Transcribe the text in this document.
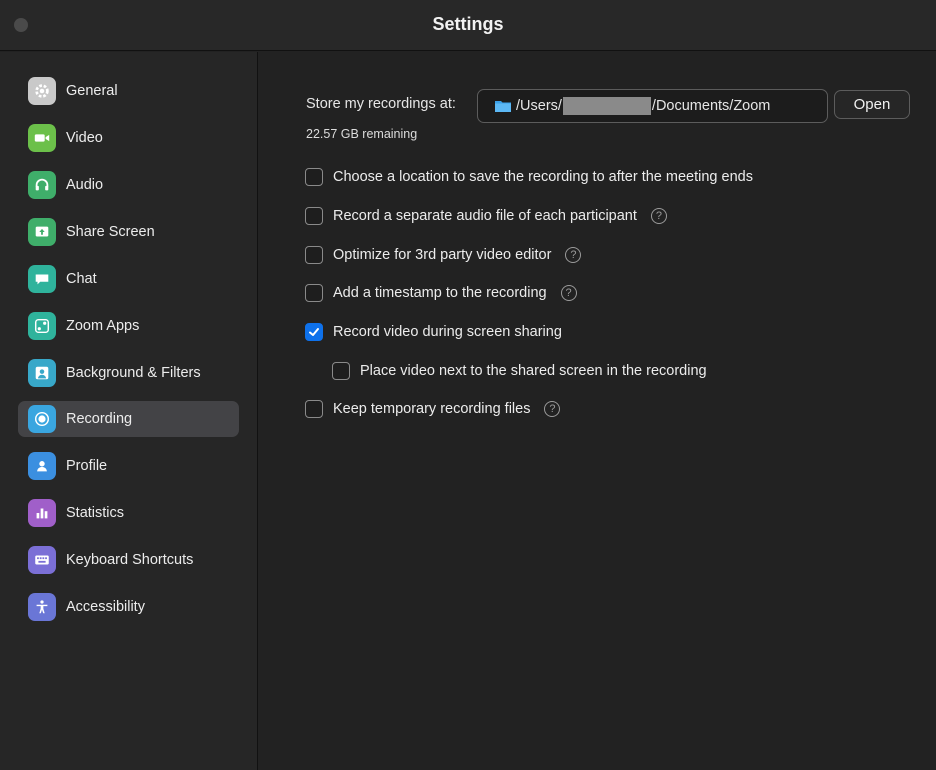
Settings
General
Video
Audio
Share Screen
Chat
Zoom Apps
Background & Filters
Recording
Profile
Statistics
Keyboard Shortcuts
Accessibility
Store my recordings at:	/Users/	/Documents/Zoom	Open
22.57 GB remaining
Choose a location to save the recording to after the meeting ends
Record a separate audio file of each participant	?
Optimize for 3rd party video editor	?
Add a timestamp to the recording	?
Record video during screen sharing
Place video next to the shared screen in the recording
Keep temporary recording files	?
